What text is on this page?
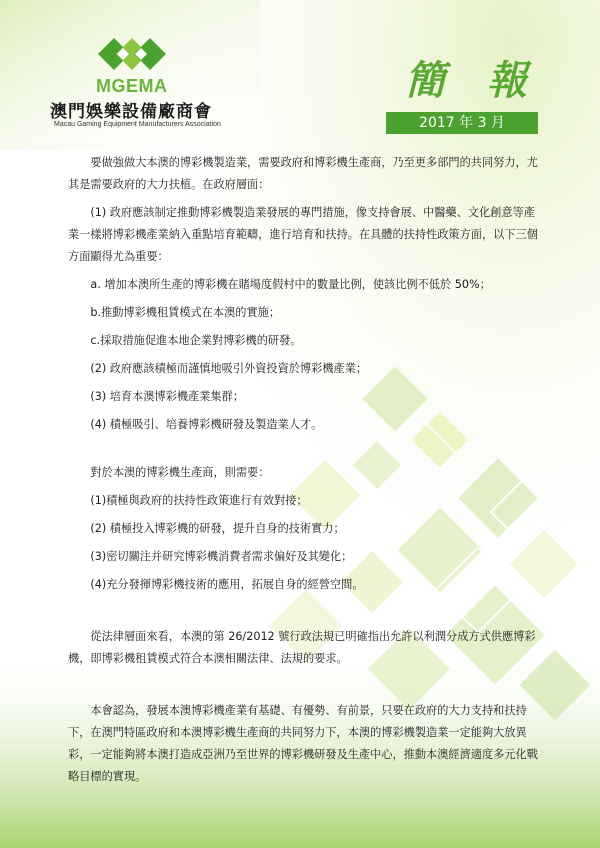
MGEMA
澳門娛樂設備廠商會
Macau Gaming Equipment Manufacturers Association
簡 報
2017 年 3 月

要做強做大本澳的博彩機製造業，需要政府和博彩機生產商，乃至更多部門的共同努力，尤其是需要政府的大力扶植。在政府層面：

(1) 政府應該制定推動博彩機製造業發展的專門措施，像支持會展、中醫藥、文化創意等產業一樣將博彩機產業納入重點培育範疇，進行培育和扶持。在具體的扶持性政策方面，以下三個方面顯得尤為重要：

a. 增加本澳所生產的博彩機在賭場度假村中的數量比例，使該比例不低於 50%；

b.推動博彩機租賃模式在本澳的實施；

c.採取措施促進本地企業對博彩機的研發。

(2) 政府應該積極而謹慎地吸引外資投資於博彩機產業；

(3) 培育本澳博彩機產業集群；

(4) 積極吸引、培養博彩機研發及製造業人才。

對於本澳的博彩機生產商，則需要：

(1)積極與政府的扶持性政策進行有效對接；

(2) 積極投入博彩機的研發，提升自身的技術實力；

(3)密切關注并研究博彩機消費者需求偏好及其變化；

(4)充分發揮博彩機技術的應用，拓展自身的經營空間。

從法律層面來看，本澳的第 26/2012 號行政法規已明確指出允許以利潤分成方式供應博彩機，即博彩機租賃模式符合本澳相關法律、法規的要求。

本會認為，發展本澳博彩機產業有基礎、有優勢、有前景，只要在政府的大力支持和扶持下，在澳門特區政府和本澳博彩機生產商的共同努力下，本澳的博彩機製造業一定能夠大放異彩，一定能夠將本澳打造成亞洲乃至世界的博彩機研發及生產中心，推動本澳經濟適度多元化戰略目標的實現。
